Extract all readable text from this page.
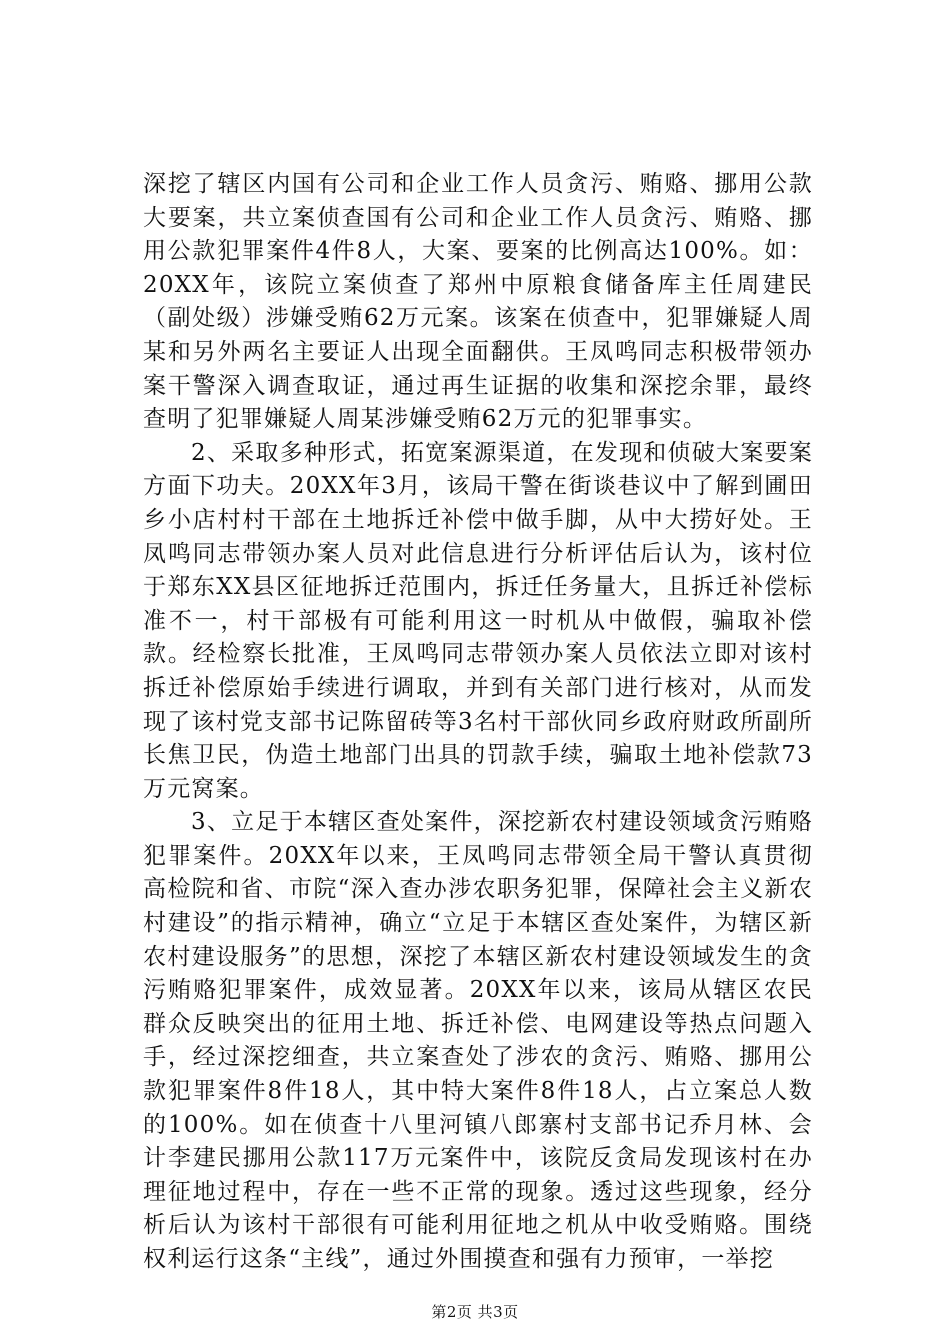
深挖了辖区内国有公司和企业工作人员贪污、贿赂、挪用公款大要案，共立案侦查国有公司和企业工作人员贪污、贿赂、挪用公款犯罪案件4件8人，大案、要案的比例高达100%。如：20XX年，该院立案侦查了郑州中原粮食储备库主任周建民（副处级）涉嫌受贿62万元案。该案在侦查中，犯罪嫌疑人周某和另外两名主要证人出现全面翻供。王凤鸣同志积极带领办案干警深入调查取证，通过再生证据的收集和深挖余罪，最终查明了犯罪嫌疑人周某涉嫌受贿62万元的犯罪事实。

2、采取多种形式，拓宽案源渠道，在发现和侦破大案要案方面下功夫。20XX年3月，该局干警在街谈巷议中了解到圃田乡小店村村干部在土地拆迁补偿中做手脚，从中大捞好处。王凤鸣同志带领办案人员对此信息进行分析评估后认为，该村位于郑东XX县区征地拆迁范围内，拆迁任务量大，且拆迁补偿标准不一，村干部极有可能利用这一时机从中做假，骗取补偿款。经检察长批准，王凤鸣同志带领办案人员依法立即对该村拆迁补偿原始手续进行调取，并到有关部门进行核对，从而发现了该村党支部书记陈留砖等3名村干部伙同乡政府财政所副所长焦卫民，伪造土地部门出具的罚款手续，骗取土地补偿款73万元窝案。

3、立足于本辖区查处案件，深挖新农村建设领域贪污贿赂犯罪案件。20XX年以来，王凤鸣同志带领全局干警认真贯彻高检院和省、市院“深入查办涉农职务犯罪，保障社会主义新农村建设”的指示精神，确立“立足于本辖区查处案件，为辖区新农村建设服务”的思想，深挖了本辖区新农村建设领域发生的贪污贿赂犯罪案件，成效显著。20XX年以来，该局从辖区农民群众反映突出的征用土地、拆迁补偿、电网建设等热点问题入手，经过深挖细查，共立案查处了涉农的贪污、贿赂、挪用公款犯罪案件8件18人，其中特大案件8件18人，占立案总人数的100%。如在侦查十八里河镇八郎寨村支部书记乔月林、会计李建民挪用公款117万元案件中，该院反贪局发现该村在办理征地过程中，存在一些不正常的现象。透过这些现象，经分析后认为该村干部很有可能利用征地之机从中收受贿赂。围绕权利运行这条“主线”，通过外围摸查和强有力预审，一举挖

第2页 共3页
